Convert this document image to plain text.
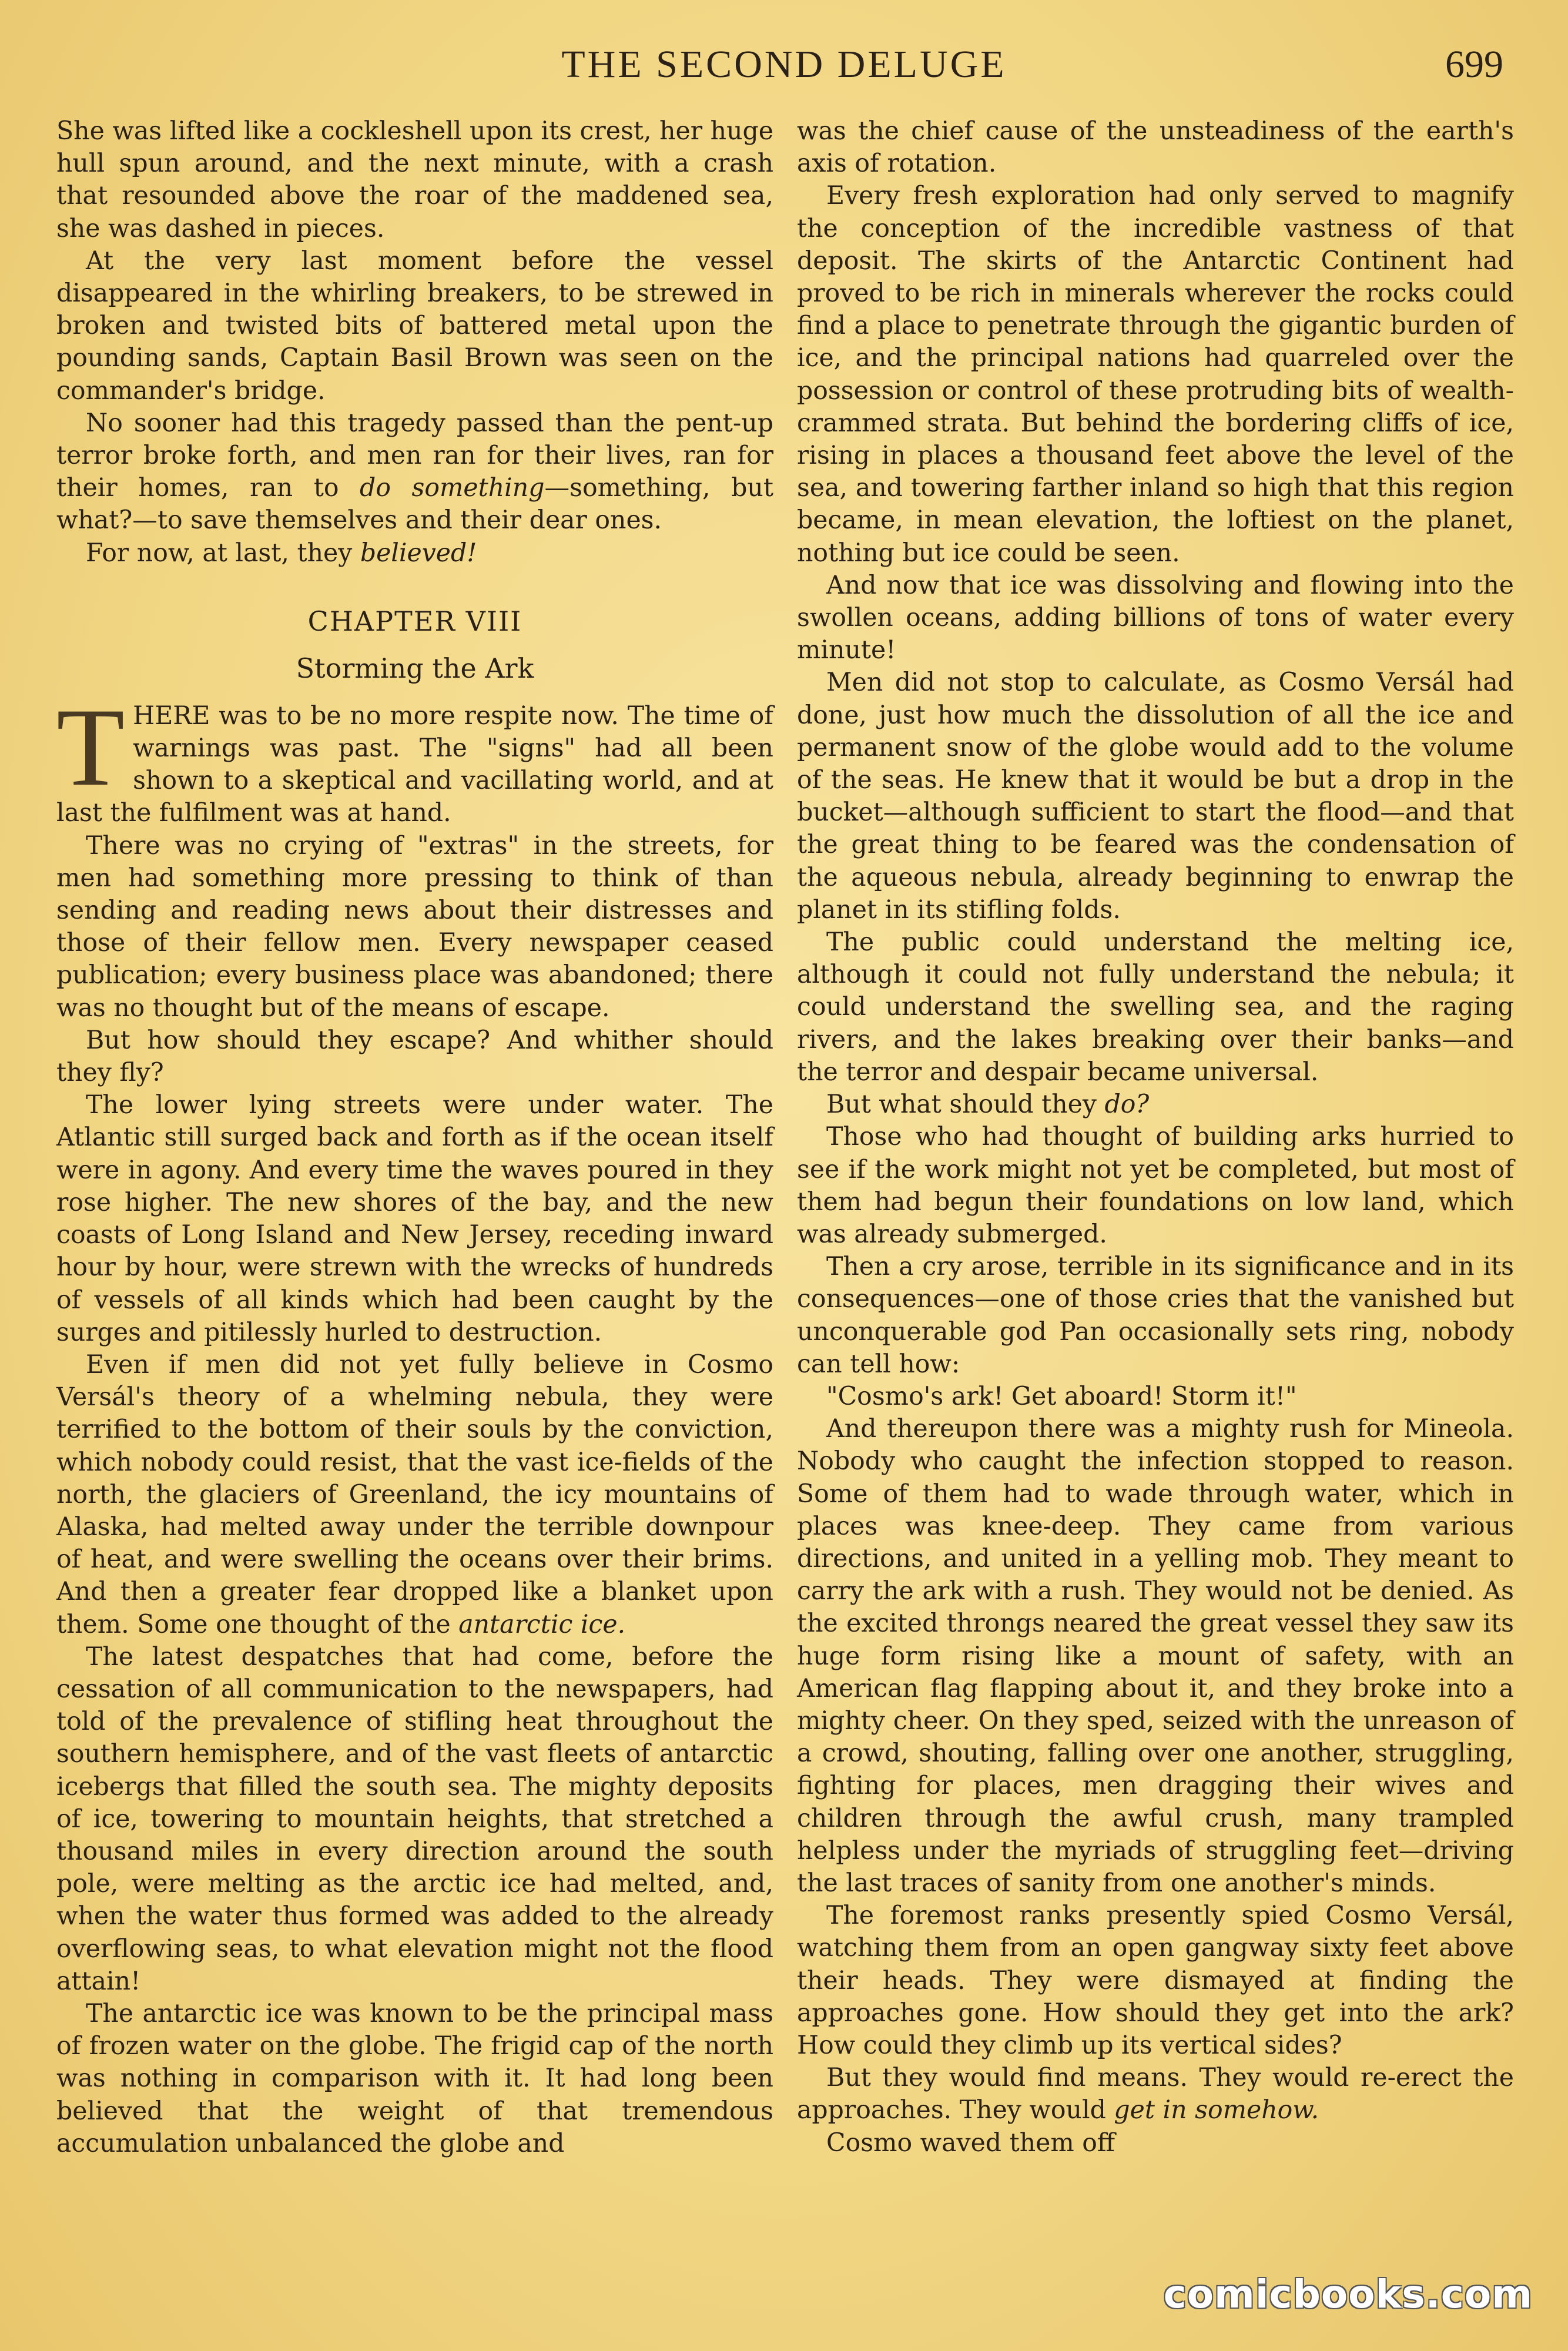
THE SECOND DELUGE	699

She was lifted like a cockleshell upon its crest, her huge hull spun around, and the next minute, with a crash that resounded above the roar of the maddened sea, she was dashed in pieces.

At the very last moment before the vessel disappeared in the whirling breakers, to be strewed in broken and twisted bits of battered metal upon the pounding sands, Captain Basil Brown was seen on the commander's bridge.

No sooner had this tragedy passed than the pent-up terror broke forth, and men ran for their lives, ran for their homes, ran to do something—something, but what?—to save themselves and their dear ones.

For now, at last, they believed!

CHAPTER VIII
Storming the Ark

THERE was to be no more respite now. The time of warnings was past. The "signs" had all been shown to a skeptical and vacillating world, and at last the fulfilment was at hand.

There was no crying of "extras" in the streets, for men had something more pressing to think of than sending and reading news about their distresses and those of their fellow men. Every newspaper ceased publication; every business place was abandoned; there was no thought but of the means of escape.

But how should they escape? And whither should they fly?

The lower lying streets were under water. The Atlantic still surged back and forth as if the ocean itself were in agony. And every time the waves poured in they rose higher. The new shores of the bay, and the new coasts of Long Island and New Jersey, receding inward hour by hour, were strewn with the wrecks of hundreds of vessels of all kinds which had been caught by the surges and pitilessly hurled to destruction.

Even if men did not yet fully believe in Cosmo Versál's theory of a whelming nebula, they were terrified to the bottom of their souls by the conviction, which nobody could resist, that the vast ice-fields of the north, the glaciers of Greenland, the icy mountains of Alaska, had melted away under the terrible downpour of heat, and were swelling the oceans over their brims. And then a greater fear dropped like a blanket upon them. Some one thought of the antarctic ice.

The latest despatches that had come, before the cessation of all communication to the newspapers, had told of the prevalence of stifling heat throughout the southern hemisphere, and of the vast fleets of antarctic icebergs that filled the south sea. The mighty deposits of ice, towering to mountain heights, that stretched a thousand miles in every direction around the south pole, were melting as the arctic ice had melted, and, when the water thus formed was added to the already overflowing seas, to what elevation might not the flood attain!

The antarctic ice was known to be the principal mass of frozen water on the globe. The frigid cap of the north was nothing in comparison with it. It had long been believed that the weight of that tremendous accumulation unbalanced the globe and

was the chief cause of the unsteadiness of the earth's axis of rotation.

Every fresh exploration had only served to magnify the conception of the incredible vastness of that deposit. The skirts of the Antarctic Continent had proved to be rich in minerals wherever the rocks could find a place to penetrate through the gigantic burden of ice, and the principal nations had quarreled over the possession or control of these protruding bits of wealth-crammed strata. But behind the bordering cliffs of ice, rising in places a thousand feet above the level of the sea, and towering farther inland so high that this region became, in mean elevation, the loftiest on the planet, nothing but ice could be seen.

And now that ice was dissolving and flowing into the swollen oceans, adding billions of tons of water every minute!

Men did not stop to calculate, as Cosmo Versál had done, just how much the dissolution of all the ice and permanent snow of the globe would add to the volume of the seas. He knew that it would be but a drop in the bucket—although sufficient to start the flood—and that the great thing to be feared was the condensation of the aqueous nebula, already beginning to enwrap the planet in its stifling folds.

The public could understand the melting ice, although it could not fully understand the nebula; it could understand the swelling sea, and the raging rivers, and the lakes breaking over their banks—and the terror and despair became universal.

But what should they do?

Those who had thought of building arks hurried to see if the work might not yet be completed, but most of them had begun their foundations on low land, which was already submerged.

Then a cry arose, terrible in its significance and in its consequences—one of those cries that the vanished but unconquerable god Pan occasionally sets ring, nobody can tell how:

"Cosmo's ark! Get aboard! Storm it!"

And thereupon there was a mighty rush for Mineola. Nobody who caught the infection stopped to reason. Some of them had to wade through water, which in places was knee-deep. They came from various directions, and united in a yelling mob. They meant to carry the ark with a rush. They would not be denied. As the excited throngs neared the great vessel they saw its huge form rising like a mount of safety, with an American flag flapping about it, and they broke into a mighty cheer. On they sped, seized with the unreason of a crowd, shouting, falling over one another, struggling, fighting for places, men dragging their wives and children through the awful crush, many trampled helpless under the myriads of struggling feet—driving the last traces of sanity from one another's minds.

The foremost ranks presently spied Cosmo Versál, watching them from an open gangway sixty feet above their heads. They were dismayed at finding the approaches gone. How should they get into the ark? How could they climb up its vertical sides?

But they would find means. They would re-erect the approaches. They would get in somehow.

Cosmo waved them off

comicbooks.com
